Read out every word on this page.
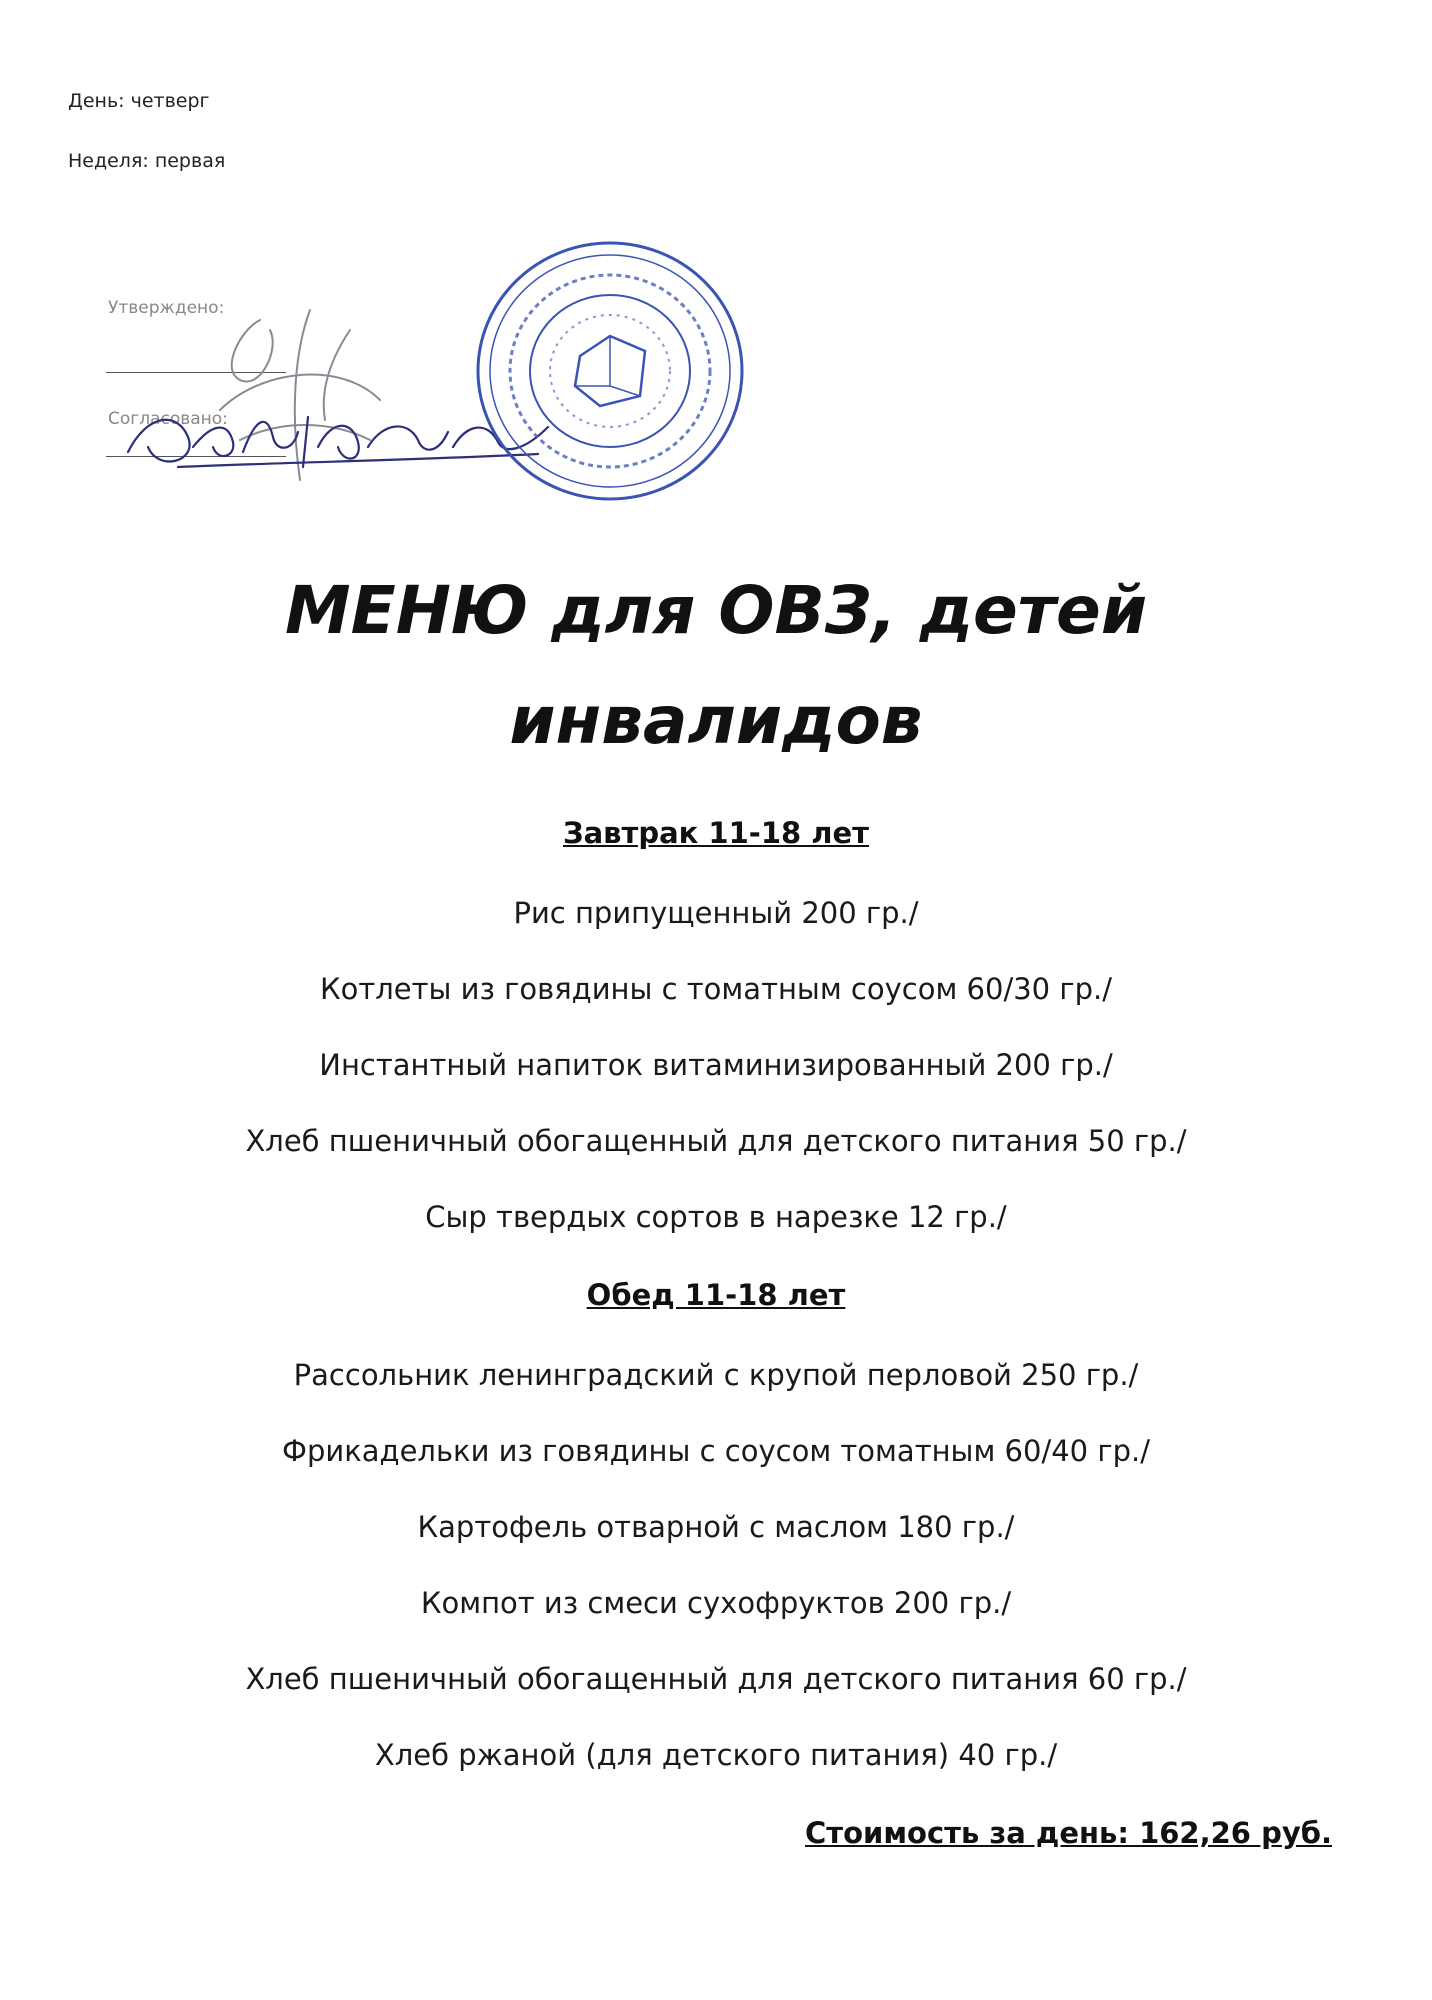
День: четверг
Неделя: первая
Утверждено:
Согласовано:
МЕНЮ для ОВЗ, детей
инвалидов
Завтрак 11-18 лет
Рис припущенный 200 гр./
Котлеты из говядины с томатным соусом 60/30 гр./
Инстантный напиток витаминизированный 200 гр./
Хлеб пшеничный обогащенный для детского питания 50 гр./
Сыр твердых сортов в нарезке 12 гр./
Обед 11-18 лет
Рассольник ленинградский с крупой перловой 250 гр./
Фрикадельки из говядины с соусом томатным 60/40 гр./
Картофель отварной с маслом 180 гр./
Компот из смеси сухофруктов 200 гр./
Хлеб пшеничный обогащенный для детского питания 60 гр./
Хлеб ржаной (для детского питания) 40 гр./
Стоимость за день: 162,26 руб.
